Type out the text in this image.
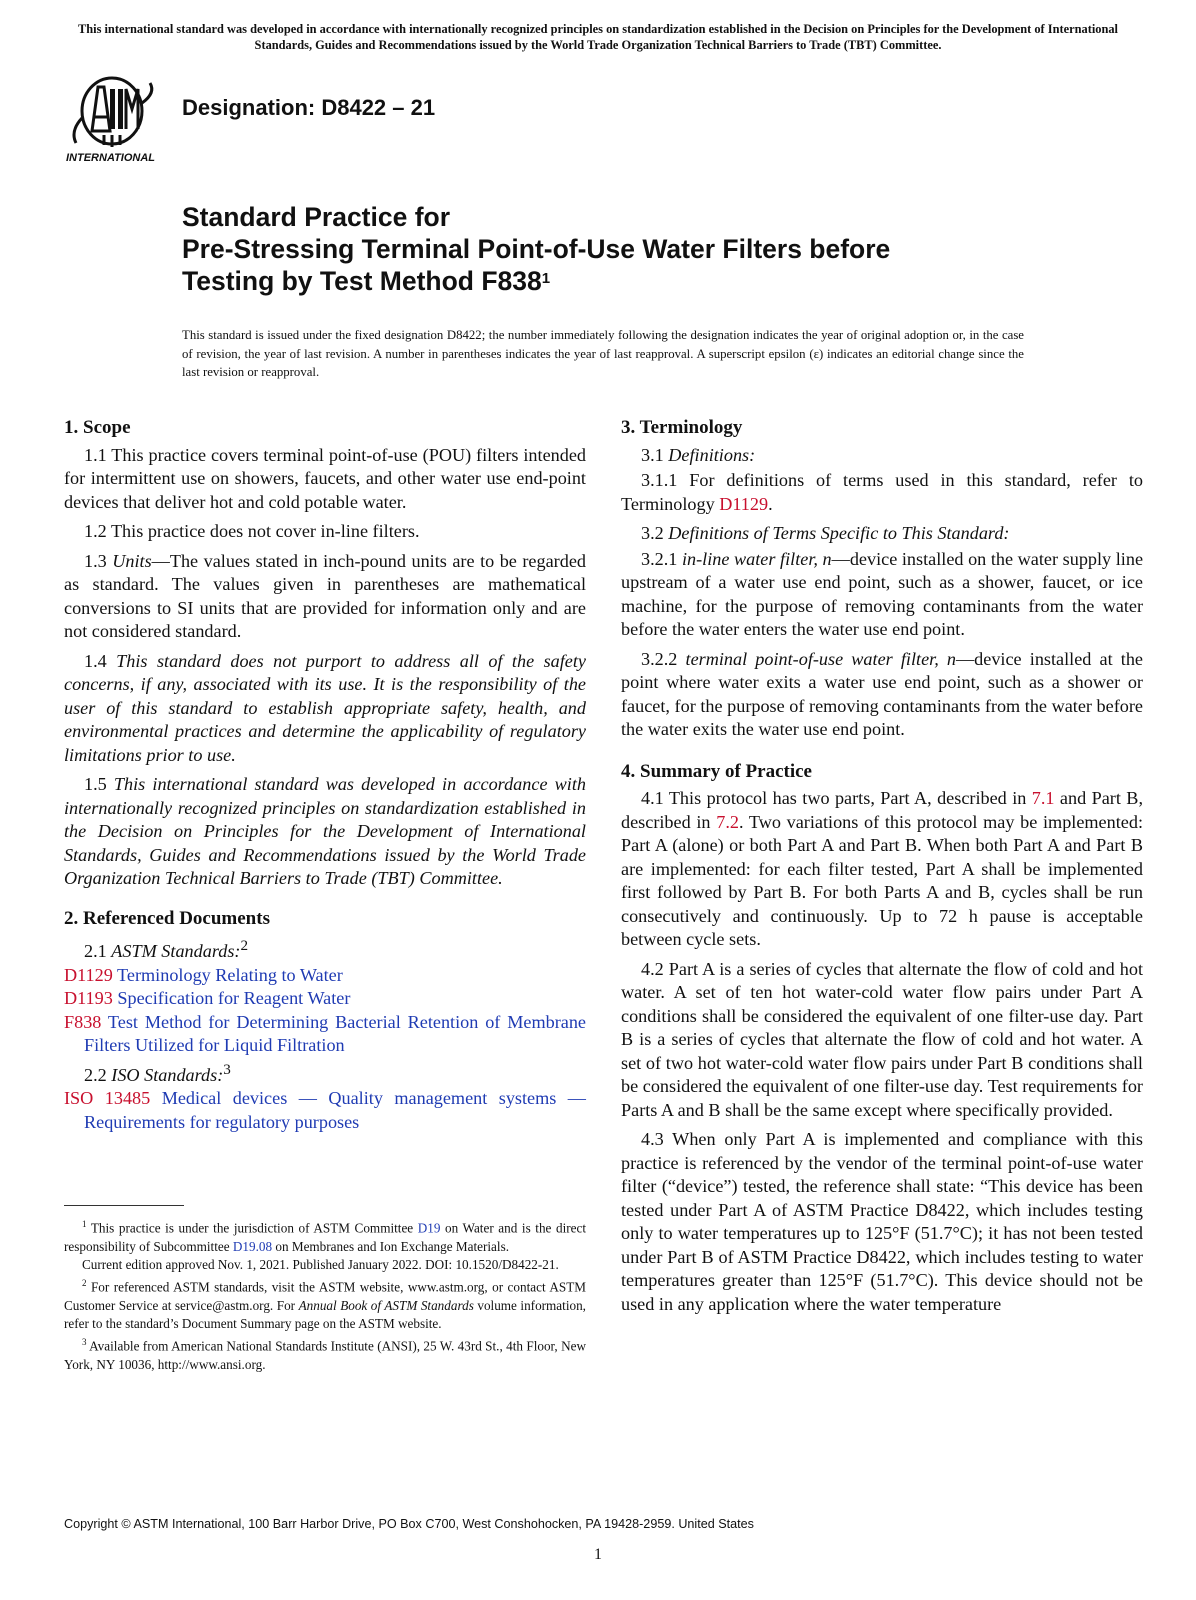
This international standard was developed in accordance with internationally recognized principles on standardization established in the Decision on Principles for the Development of International Standards, Guides and Recommendations issued by the World Trade Organization Technical Barriers to Trade (TBT) Committee.
INTERNATIONAL
Designation: D8422 – 21
Standard Practice for
Pre-Stressing Terminal Point-of-Use Water Filters before
Testing by Test Method $F838^1$
This standard is issued under the fixed designation D8422; the number immediately following the designation indicates the year of original adoption or, in the case of revision, the year of last revision. A number in parentheses indicates the year of last reapproval. A superscript epsilon (ε) indicates an editorial change since the last revision or reapproval.
1. Scope

1.1 This practice covers terminal point-of-use (POU) filters intended for intermittent use on showers, faucets, and other water use end-point devices that deliver hot and cold potable water.

1.2 This practice does not cover in-line filters.

1.3 Units—The values stated in inch-pound units are to be regarded as standard. The values given in parentheses are mathematical conversions to SI units that are provided for information only and are not considered standard.

1.4 This standard does not purport to address all of the safety concerns, if any, associated with its use. It is the responsibility of the user of this standard to establish appropriate safety, health, and environmental practices and determine the applicability of regulatory limitations prior to use.

1.5 This international standard was developed in accordance with internationally recognized principles on standardization established in the Decision on Principles for the Development of International Standards, Guides and Recommendations issued by the World Trade Organization Technical Barriers to Trade (TBT) Committee.

2. Referenced Documents

2.1 ASTM Standards:$^2$

D1129 Terminology Relating to Water

D1193 Specification for Reagent Water

F838 Test Method for Determining Bacterial Retention of Membrane Filters Utilized for Liquid Filtration

2.2 ISO Standards:$^3$

ISO 13485 Medical devices — Quality management systems — Requirements for regulatory purposes

$^1$ This practice is under the jurisdiction of ASTM Committee D19 on Water and is the direct responsibility of Subcommittee D19.08 on Membranes and Ion Exchange Materials.

Current edition approved Nov. 1, 2021. Published January 2022. DOI: 10.1520/D8422-21.

$^2$ For referenced ASTM standards, visit the ASTM website, www.astm.org, or contact ASTM Customer Service at service@astm.org. For Annual Book of ASTM Standards volume information, refer to the standard’s Document Summary page on the ASTM website.

$^3$ Available from American National Standards Institute (ANSI), 25 W. 43rd St., 4th Floor, New York, NY 10036, http://www.ansi.org.

3. Terminology

3.1 Definitions:

3.1.1 For definitions of terms used in this standard, refer to Terminology D1129.

3.2 Definitions of Terms Specific to This Standard:

3.2.1 in-line water filter, n—device installed on the water supply line upstream of a water use end point, such as a shower, faucet, or ice machine, for the purpose of removing contaminants from the water before the water enters the water use end point.

3.2.2 terminal point-of-use water filter, n—device installed at the point where water exits a water use end point, such as a shower or faucet, for the purpose of removing contaminants from the water before the water exits the water use end point.

4. Summary of Practice

4.1 This protocol has two parts, Part A, described in 7.1 and Part B, described in 7.2. Two variations of this protocol may be implemented: Part A (alone) or both Part A and Part B. When both Part A and Part B are implemented: for each filter tested, Part A shall be implemented first followed by Part B. For both Parts A and B, cycles shall be run consecutively and continuously. Up to 72 h pause is acceptable between cycle sets.

4.2 Part A is a series of cycles that alternate the flow of cold and hot water. A set of ten hot water-cold water flow pairs under Part A conditions shall be considered the equivalent of one filter-use day. Part B is a series of cycles that alternate the flow of cold and hot water. A set of two hot water-cold water flow pairs under Part B conditions shall be considered the equivalent of one filter-use day. Test requirements for Parts A and B shall be the same except where specifically provided.

4.3 When only Part A is implemented and compliance with this practice is referenced by the vendor of the terminal point-of-use water filter (“device”) tested, the reference shall state: “This device has been tested under Part A of ASTM Practice D8422, which includes testing only to water temperatures up to 125°F (51.7°C); it has not been tested under Part B of ASTM Practice D8422, which includes testing to water temperatures greater than 125°F (51.7°C). This device should not be used in any application where the water temperature

Copyright © ASTM International, 100 Barr Harbor Drive, PO Box C700, West Conshohocken, PA 19428-2959. United States
1
